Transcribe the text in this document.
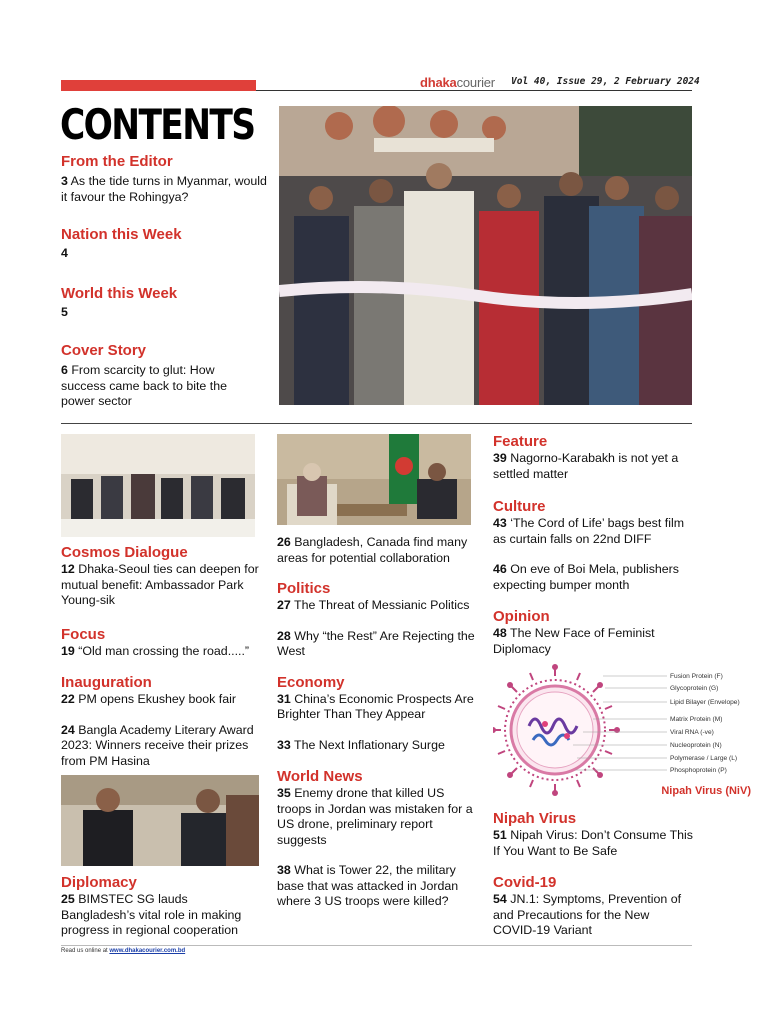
dhakacourier Vol 40, Issue 29, 2 February 2024
CONTENTS

From the Editor

3 As the tide turns in Myanmar, would it favour the Rohingya?

Nation this Week

4

World this Week

5

Cover Story

6 From scarcity to glut: How success came back to bite the power sector

Cosmos Dialogue

12 Dhaka-Seoul ties can deepen for mutual benefit: Ambassador Park Young-sik

Focus

19 “Old man crossing the road.....”

Inauguration

22 PM opens Ekushey book fair
24 Bangla Academy Literary Award 2023: Winners receive their prizes from PM Hasina

Diplomacy

25 BIMSTEC SG lauds Bangladesh’s vital role in making progress in regional cooperation
26 Bangladesh, Canada find many areas for potential collaboration

Politics

27 The Threat of Messianic Politics
28 Why “the Rest” Are Rejecting the West

Economy

31 China’s Economic Prospects Are Brighter Than They Appear
33 The Next Inflationary Surge

World News

35 Enemy drone that killed US troops in Jordan was mistaken for a US drone, preliminary report suggests
38 What is Tower 22, the military base that was attacked in Jordan where 3 US troops were killed?

Feature

39 Nagorno-Karabakh is not yet a settled matter

Culture

43 ‘The Cord of Life’ bags best film as curtain falls on 22nd DIFF
46 On eve of Boi Mela, publishers expecting bumper month

Opinion

48 The New Face of Feminist Diplomacy
Fusion Protein (F)
Glycoprotein (G)
Lipid Bilayer (Envelope)
Matrix Protein (M)
Viral RNA (-ve)
Nucleoprotein (N)
Polymerase / Large (L)
Phosphoprotein (P)
Nipah Virus (NiV)

Nipah Virus

51 Nipah Virus: Don’t Consume This If You Want to Be Safe

Covid-19

54 JN.1: Symptoms, Prevention of and Precautions for the New COVID-19 Variant
Read us online at www.dhakacourier.com.bd
